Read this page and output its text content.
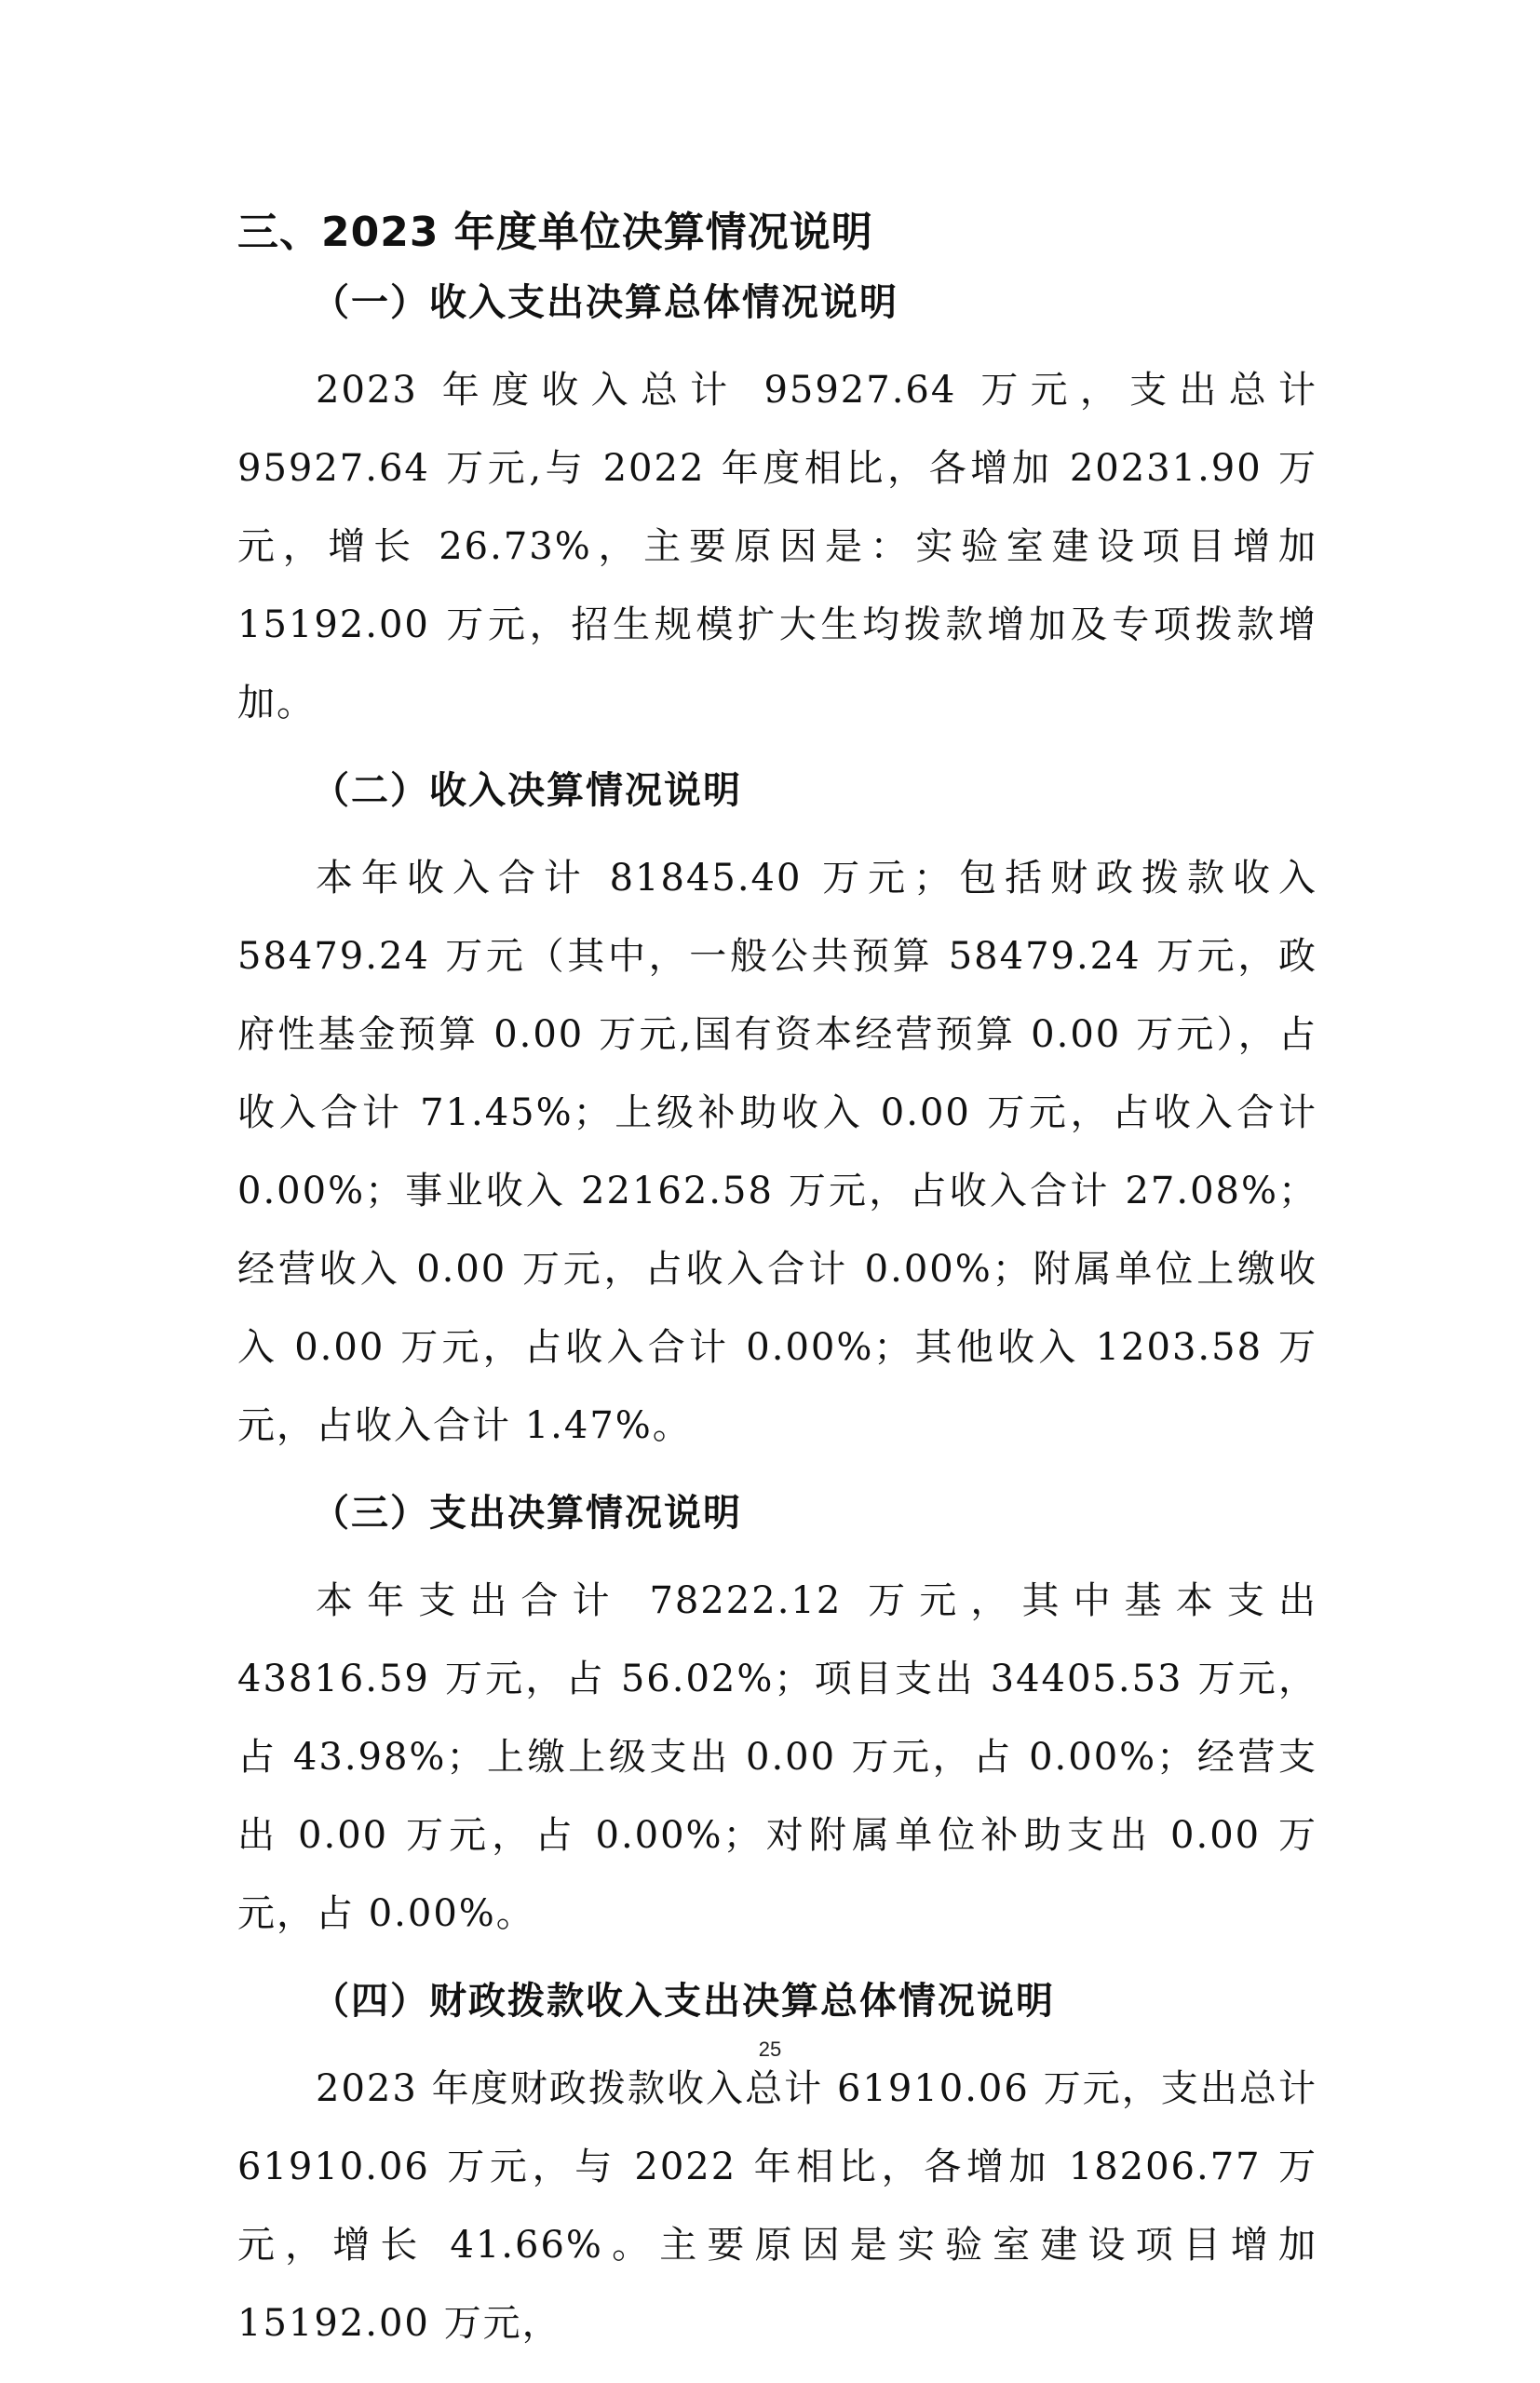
三、2023 年度单位决算情况说明
（一）收入支出决算总体情况说明

2023 年度收入总计 95927.64 万元，支出总计 95927.64 万元,与 2022 年度相比，各增加 20231.90 万元，增长 26.73%，主要原因是：实验室建设项目增加 15192.00 万元，招生规模扩大生均拨款增加及专项拨款增加。

（二）收入决算情况说明

本年收入合计 81845.40 万元；包括财政拨款收入 58479.24 万元（其中，一般公共预算 58479.24 万元，政府性基金预算 0.00 万元,国有资本经营预算 0.00 万元），占收入合计 71.45%；上级补助收入 0.00 万元，占收入合计 0.00%；事业收入 22162.58 万元，占收入合计 27.08%；经营收入 0.00 万元，占收入合计 0.00%；附属单位上缴收入 0.00 万元，占收入合计 0.00%；其他收入 1203.58 万元，占收入合计 1.47%。

（三）支出决算情况说明

本年支出合计 78222.12 万元，其中基本支出 43816.59 万元，占 56.02%；项目支出 34405.53 万元，占 43.98%；上缴上级支出 0.00 万元，占 0.00%；经营支出 0.00 万元，占 0.00%；对附属单位补助支出 0.00 万元，占 0.00%。

（四）财政拨款收入支出决算总体情况说明

2023 年度财政拨款收入总计 61910.06 万元，支出总计 61910.06 万元，与 2022 年相比，各增加 18206.77 万元，增长 41.66%。主要原因是实验室建设项目增加 15192.00 万元，

25
